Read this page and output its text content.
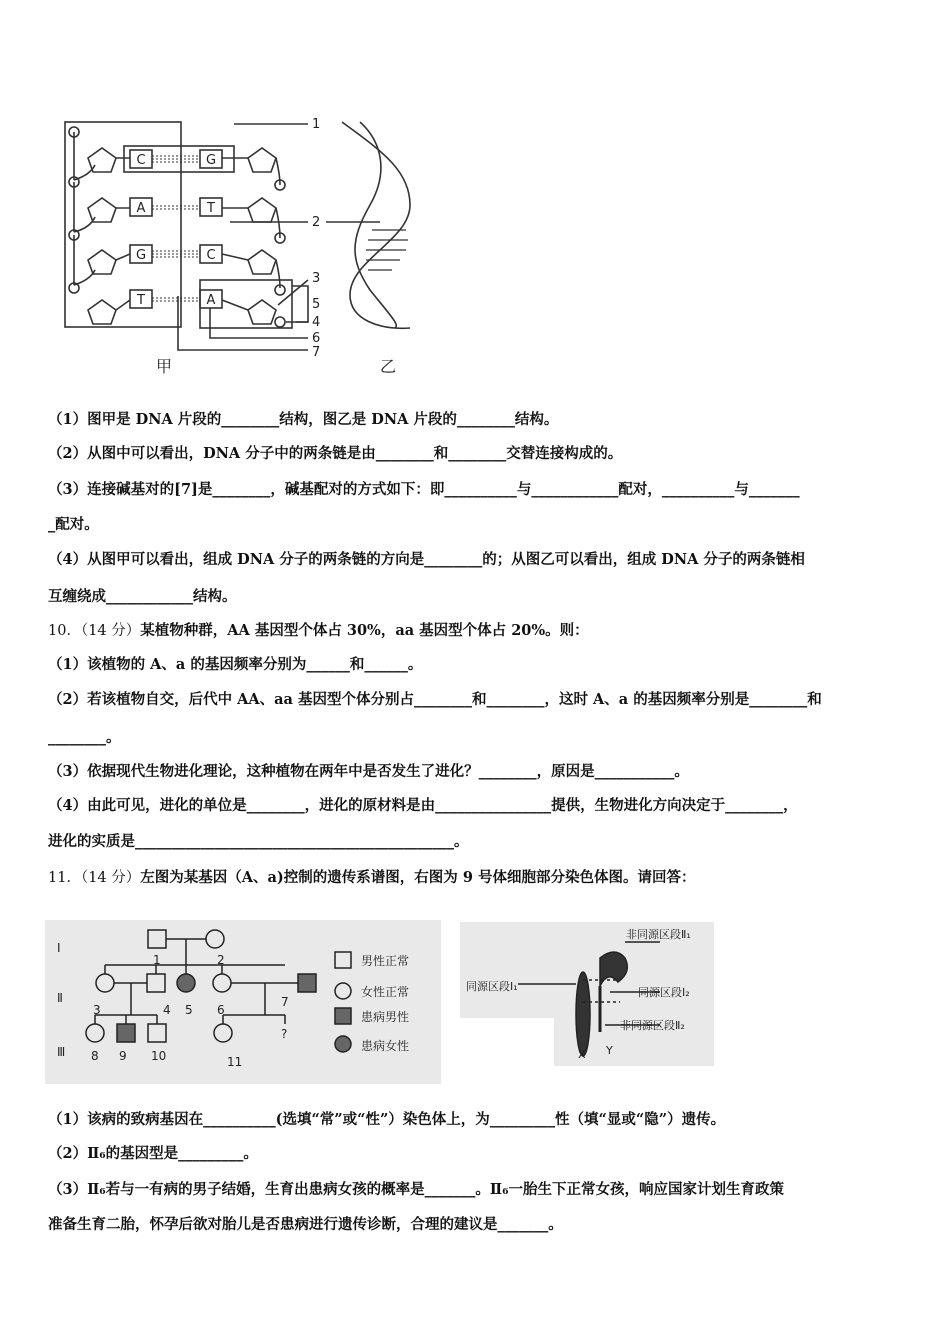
C
A
G
T
G
T
C
A
1
2
3
5
4
6
7
甲	乙
（1）图甲是 DNA 片段的________结构，图乙是 DNA 片段的________结构。
（2）从图中可以看出，DNA 分子中的两条链是由________和________交替连接构成的。
（3）连接碱基对的[7]是________，碱基配对的方式如下：即__________与____________配对，__________与_______
_配对。
（4）从图甲可以看出，组成 DNA 分子的两条链的方向是________的；从图乙可以看出，组成 DNA 分子的两条链相
互缠绕成____________结构。
10．（14 分）某植物种群，AA 基因型个体占 30%，aa 基因型个体占 20%。则：
（1）该植物的 A、a 的基因频率分别为______和______。
（2）若该植物自交，后代中 AA、aa 基因型个体分别占________和________，这时 A、a 的基因频率分别是________和
________。
（3）依据现代生物进化理论，这种植物在两年中是否发生了进化？________，原因是___________。
（4）由此可见，进化的单位是________，进化的原材料是由________________提供，生物进化方向决定于________，
进化的实质是____________________________________________。
11．（14 分）左图为某基因（A、a)控制的遗传系谱图，右图为 9 号体细胞部分染色体图。请回答：
Ⅰ
Ⅱ
Ⅲ
1	2
3	4 5 6
7
8 9 10	11
?
男性正常
女性正常
患病男性
患病女性
非同源区段Ⅱ₁
同源区段Ⅰ₁	同源区段Ⅰ₂
非同源区段Ⅱ₂
X Y
（1）该病的致病基因在__________(选填“常”或“性”）染色体上，为_________性（填“显或“隐”）遗传。
（2）Ⅱ₆的基因型是_________。
（3）Ⅱ₆若与一有病的男子结婚，生育出患病女孩的概率是_______。Ⅱ₆一胎生下正常女孩，响应国家计划生育政策
准备生育二胎，怀孕后欲对胎儿是否患病进行遗传诊断，合理的建议是_______。
